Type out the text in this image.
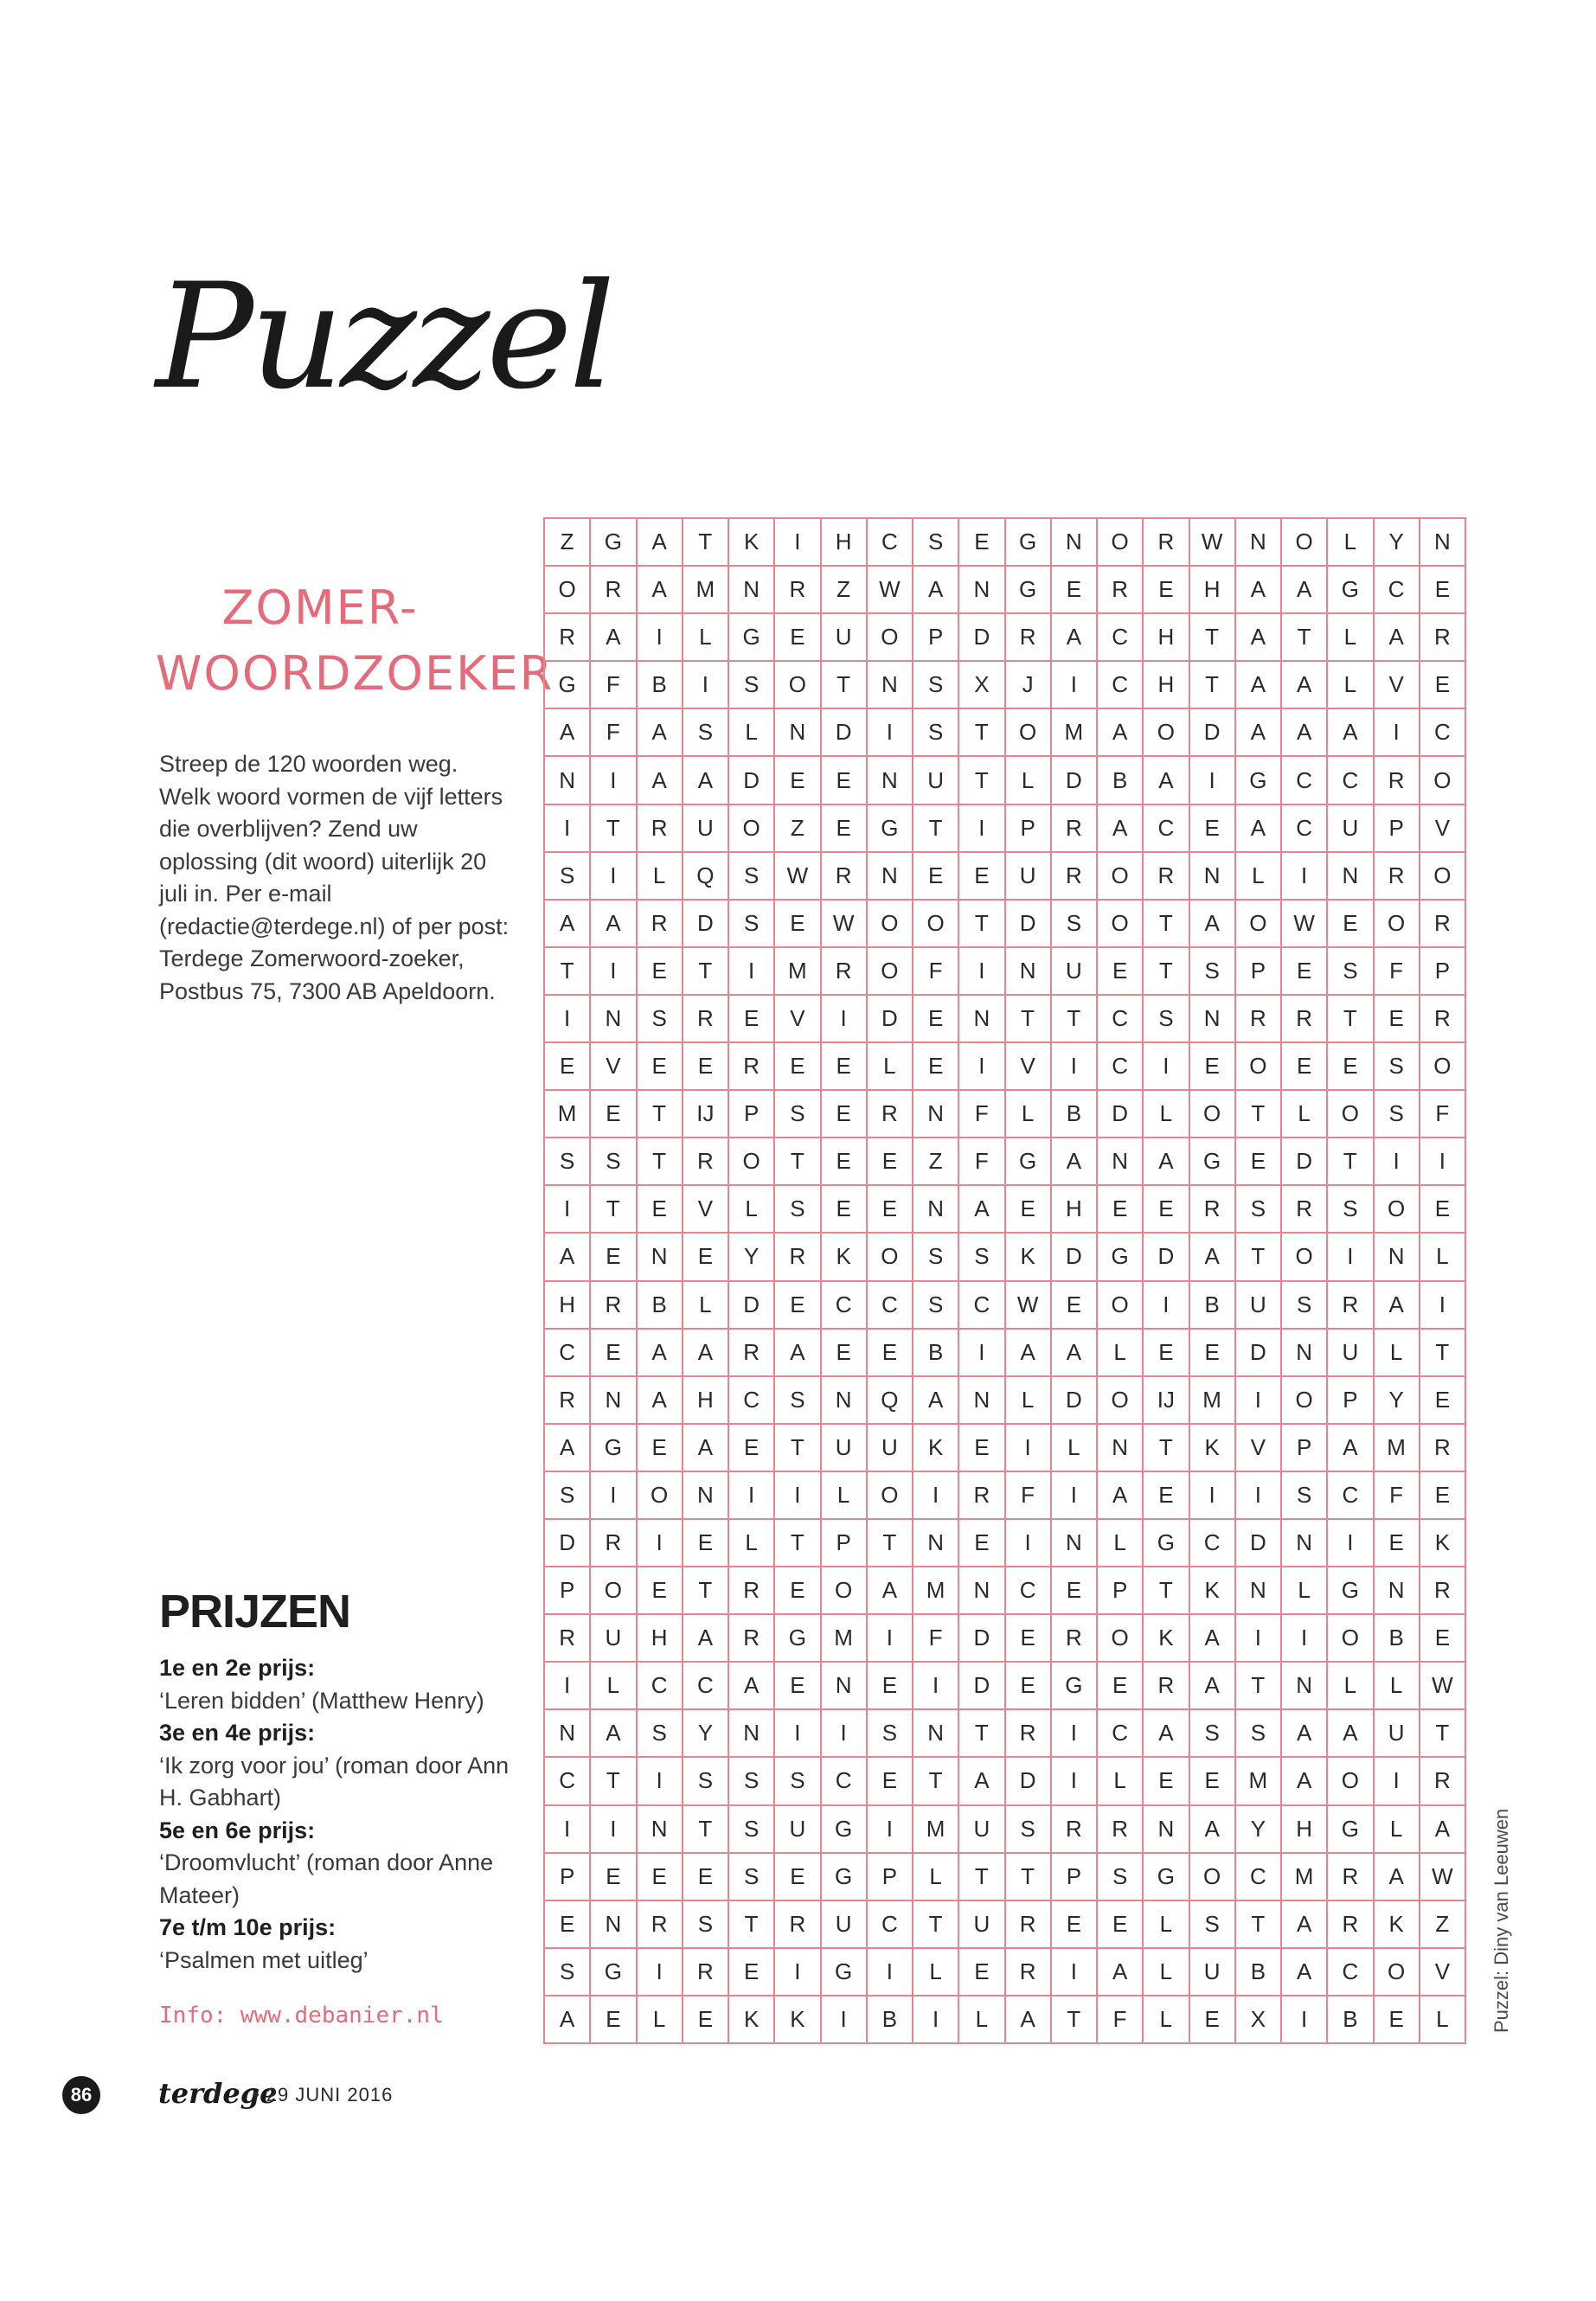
Puzzel
ZOMER-
WOORDZOEKER
Streep de 120 woorden weg. Welk woord vormen de vijf letters die overblijven? Zend uw oplossing (dit woord) uiterlijk 20 juli in. Per e-mail (redactie@terdege.nl) of per post: Terdege Zomerwoord-zoeker, Postbus 75, 7300 AB Apeldoorn.
PRIJZEN
1e en 2e prijs:
‘Leren bidden’ (Matthew Henry)
3e en 4e prijs:
‘Ik zorg voor jou’ (roman door Ann H. Gabhart)
5e en 6e prijs:
‘Droomvlucht’ (roman door Anne Mateer)
7e t/m 10e prijs:
‘Psalmen met uitleg’
Info: www.debanier.nl
Z	G	A	T	K	I	H	C	S	E	G	N	O	R	W	N	O	L	Y	N
O	R	A	M	N	R	Z	W	A	N	G	E	R	E	H	A	A	G	C	E
R	A	I	L	G	E	U	O	P	D	R	A	C	H	T	A	T	L	A	R
G	F	B	I	S	O	T	N	S	X	J	I	C	H	T	A	A	L	V	E
A	F	A	S	L	N	D	I	S	T	O	M	A	O	D	A	A	A	I	C
N	I	A	A	D	E	E	N	U	T	L	D	B	A	I	G	C	C	R	O
I	T	R	U	O	Z	E	G	T	I	P	R	A	C	E	A	C	U	P	V
S	I	L	Q	S	W	R	N	E	E	U	R	O	R	N	L	I	N	R	O
A	A	R	D	S	E	W	O	O	T	D	S	O	T	A	O	W	E	O	R
T	I	E	T	I	M	R	O	F	I	N	U	E	T	S	P	E	S	F	P
I	N	S	R	E	V	I	D	E	N	T	T	C	S	N	R	R	T	E	R
E	V	E	E	R	E	E	L	E	I	V	I	C	I	E	O	E	E	S	O
M	E	T	IJ	P	S	E	R	N	F	L	B	D	L	O	T	L	O	S	F
S	S	T	R	O	T	E	E	Z	F	G	A	N	A	G	E	D	T	I	I
I	T	E	V	L	S	E	E	N	A	E	H	E	E	R	S	R	S	O	E
A	E	N	E	Y	R	K	O	S	S	K	D	G	D	A	T	O	I	N	L
H	R	B	L	D	E	C	C	S	C	W	E	O	I	B	U	S	R	A	I
C	E	A	A	R	A	E	E	B	I	A	A	L	E	E	D	N	U	L	T
R	N	A	H	C	S	N	Q	A	N	L	D	O	IJ	M	I	O	P	Y	E
A	G	E	A	E	T	U	U	K	E	I	L	N	T	K	V	P	A	M	R
S	I	O	N	I	I	L	O	I	R	F	I	A	E	I	I	S	C	F	E
D	R	I	E	L	T	P	T	N	E	I	N	L	G	C	D	N	I	E	K
P	O	E	T	R	E	O	A	M	N	C	E	P	T	K	N	L	G	N	R
R	U	H	A	R	G	M	I	F	D	E	R	O	K	A	I	I	O	B	E
I	L	C	C	A	E	N	E	I	D	E	G	E	R	A	T	N	L	L	W
N	A	S	Y	N	I	I	S	N	T	R	I	C	A	S	S	A	A	U	T
C	T	I	S	S	S	C	E	T	A	D	I	L	E	E	M	A	O	I	R
I	I	N	T	S	U	G	I	M	U	S	R	R	N	A	Y	H	G	L	A
P	E	E	E	S	E	G	P	L	T	T	P	S	G	O	C	M	R	A	W
E	N	R	S	T	R	U	C	T	U	R	E	E	L	S	T	A	R	K	Z
S	G	I	R	E	I	G	I	L	E	R	I	A	L	U	B	A	C	O	V
A	E	L	E	K	K	I	B	I	L	A	T	F	L	E	X	I	B	E	L	Puzzel: Diny van Leeuwen
86	terdege
• 29 JUNI 2016
